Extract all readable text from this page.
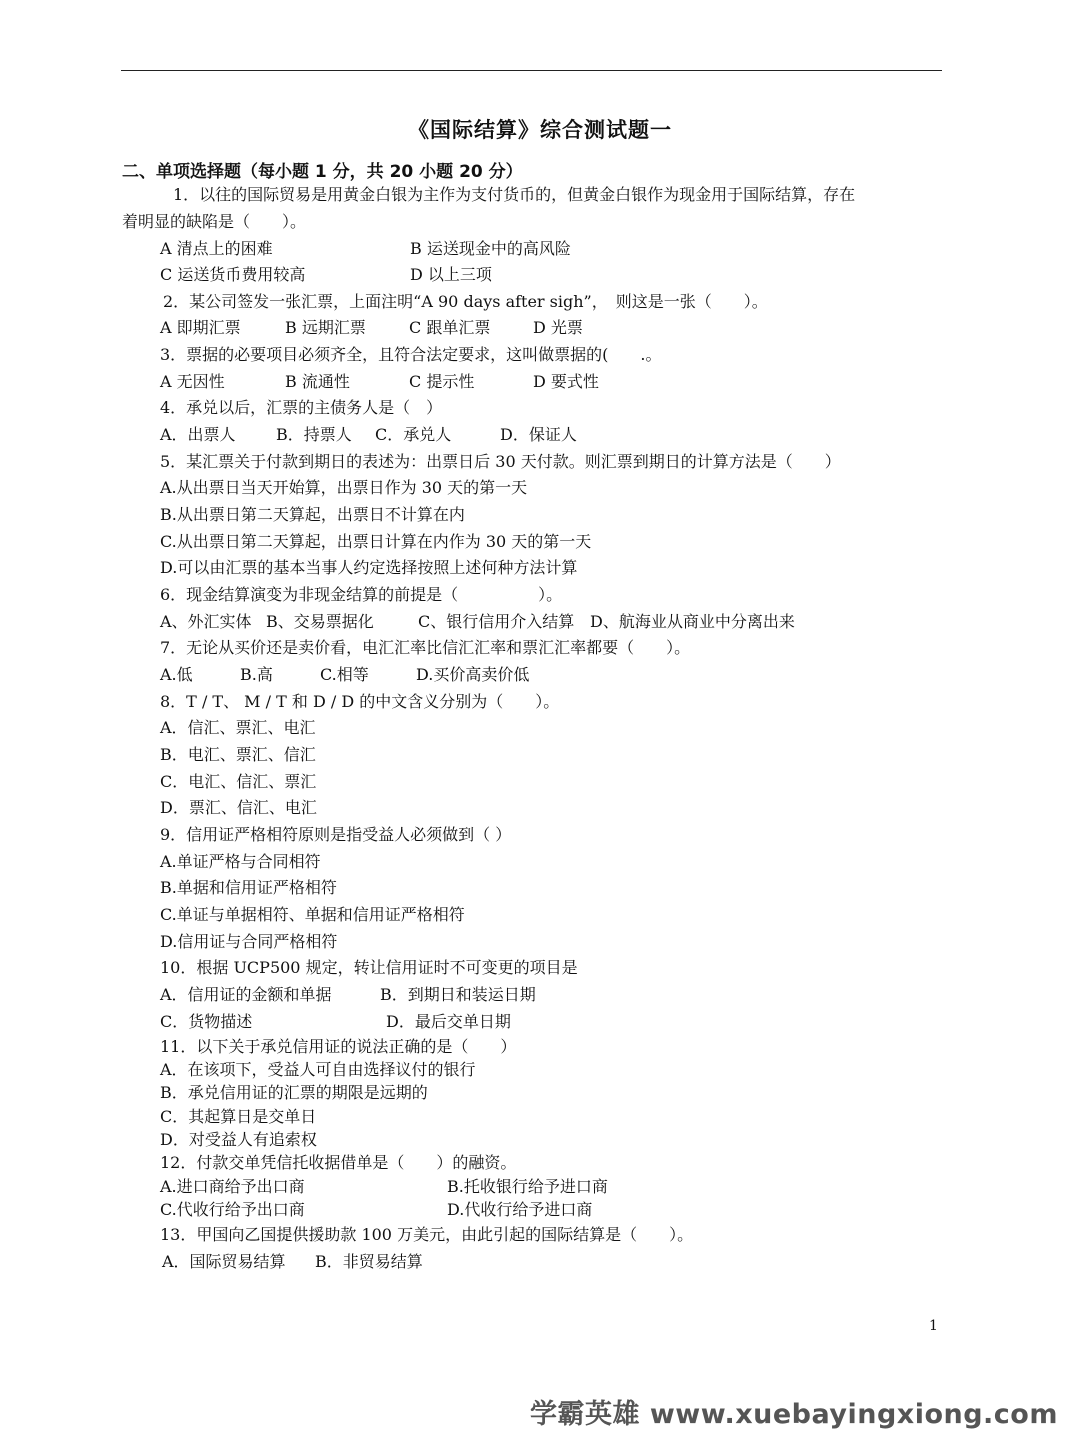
《国际结算》综合测试题一
二、单项选择题（每小题 1 分，共 20 小题 20 分）
1．以往的国际贸易是用黄金白银为主作为支付货币的，但黄金白银作为现金用于国际结算，存在
着明显的缺陷是（　　）。
A 清点上的困难	B 运送现金中的高风险
C 运送货币费用较高	D 以上三项
2．某公司签发一张汇票，上面注明“A 90 days after sigh”，　则这是一张（　　）。
A 即期汇票	B 远期汇票	C 跟单汇票	D 光票
3．票据的必要项目必须齐全，且符合法定要求，这叫做票据的(　　.。
A 无因性	B 流通性	C 提示性	D 要式性
4．承兑以后，汇票的主债务人是（　）
A．出票人	B．持票人 C．承兑人	D．保证人
5．某汇票关于付款到期日的表述为：出票日后 30 天付款。则汇票到期日的计算方法是（　　）
A.从出票日当天开始算，出票日作为 30 天的第一天
B.从出票日第二天算起，出票日不计算在内
C.从出票日第二天算起，出票日计算在内作为 30 天的第一天
D.可以由汇票的基本当事人约定选择按照上述何种方法计算
6．现金结算演变为非现金结算的前提是（　　　　　）。
A、外汇实体 B、交易票据化	C、银行信用介入结算 D、航海业从商业中分离出来
7．无论从买价还是卖价看，电汇汇率比信汇汇率和票汇汇率都要（　　）。
A.低	B.高	C.相等	D.买价高卖价低
8．T / T、 M / T 和 D / D 的中文含义分别为（　　）。
A．信汇、票汇、电汇
B．电汇、票汇、信汇
C．电汇、信汇、票汇
D．票汇、信汇、电汇
9．信用证严格相符原则是指受益人必须做到（ ）
A.单证严格与合同相符
B.单据和信用证严格相符
C.单证与单据相符、单据和信用证严格相符
D.信用证与合同严格相符
10．根据 UCP500 规定，转让信用证时不可变更的项目是
A．信用证的金额和单据	B．到期日和装运日期
C．货物描述	D．最后交单日期
11．以下关于承兑信用证的说法正确的是（　　）
A．在该项下，受益人可自由选择议付的银行
B．承兑信用证的汇票的期限是远期的
C．其起算日是交单日
D．对受益人有追索权
12．付款交单凭信托收据借单是（　　）的融资。
A.进口商给予出口商	B.托收银行给予进口商
C.代收行给予出口商	D.代收行给予进口商
13．甲国向乙国提供援助款 100 万美元，由此引起的国际结算是（　　）。
A．国际贸易结算 B．非贸易结算
1
学霸英雄 www.xuebayingxiong.com
